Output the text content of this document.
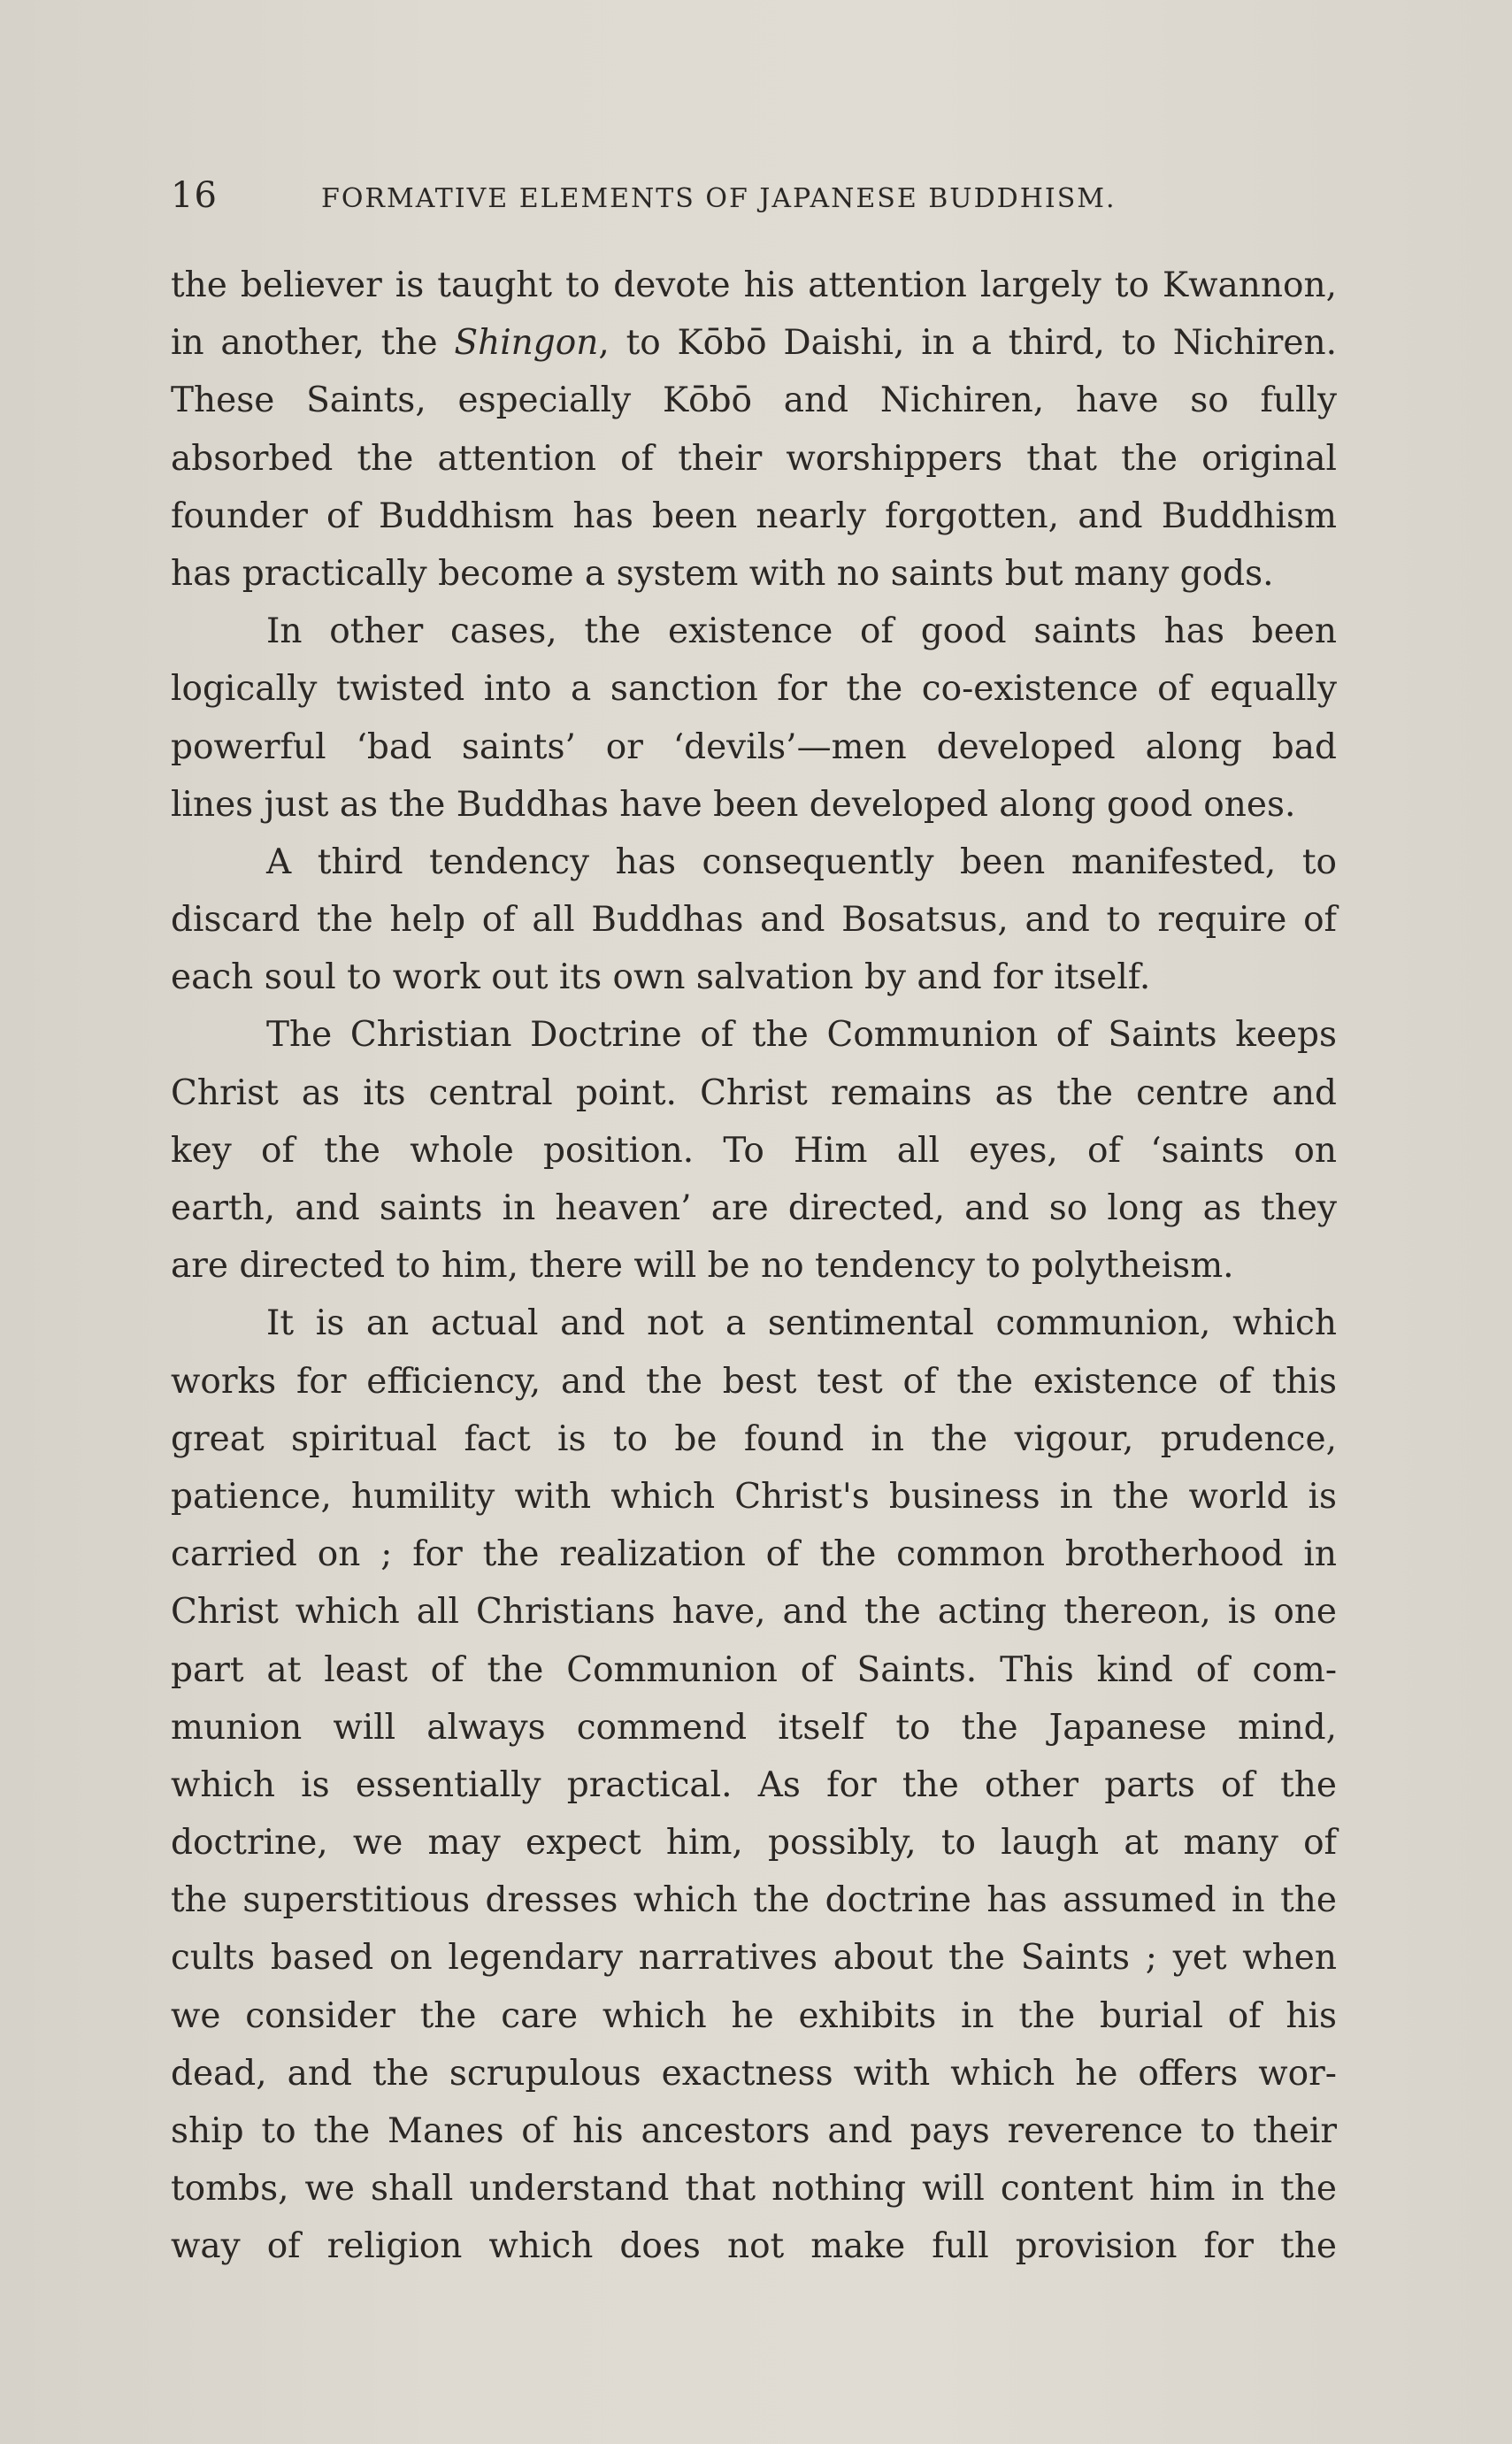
16	FORMATIVE ELEMENTS OF JAPANESE BUDDHISM.
the believer is taught to devote his attention largely to Kwannon,
in another, the Shingon, to Kōbō Daishi, in a third, to Nichiren.
These Saints, especially Kōbō and Nichiren, have so fully
absorbed the attention of their worshippers that the original
founder of Buddhism has been nearly forgotten, and Buddhism
has practically become a system with no saints but many gods.
In other cases, the existence of good saints has been
logically twisted into a sanction for the co-existence of equally
powerful ‘bad saints’ or ‘devils’—men developed along bad
lines just as the Buddhas have been developed along good ones.
A third tendency has consequently been manifested, to
discard the help of all Buddhas and Bosatsus, and to require of
each soul to work out its own salvation by and for itself.
The Christian Doctrine of the Communion of Saints keeps
Christ as its central point. Christ remains as the centre and
key of the whole position. To Him all eyes, of ‘saints on
earth, and saints in heaven’ are directed, and so long as they
are directed to him, there will be no tendency to polytheism.
It is an actual and not a sentimental communion, which
works for efficiency, and the best test of the existence of this
great spiritual fact is to be found in the vigour, prudence,
patience, humility with which Christ's business in the world is
carried on ; for the realization of the common brotherhood in
Christ which all Christians have, and the acting thereon, is one
part at least of the Communion of Saints. This kind of com-
munion will always commend itself to the Japanese mind,
which is essentially practical. As for the other parts of the
doctrine, we may expect him, possibly, to laugh at many of
the superstitious dresses which the doctrine has assumed in the
cults based on legendary narratives about the Saints ; yet when
we consider the care which he exhibits in the burial of his
dead, and the scrupulous exactness with which he offers wor-
ship to the Manes of his ancestors and pays reverence to their
tombs, we shall understand that nothing will content him in the
way of religion which does not make full provision for the
